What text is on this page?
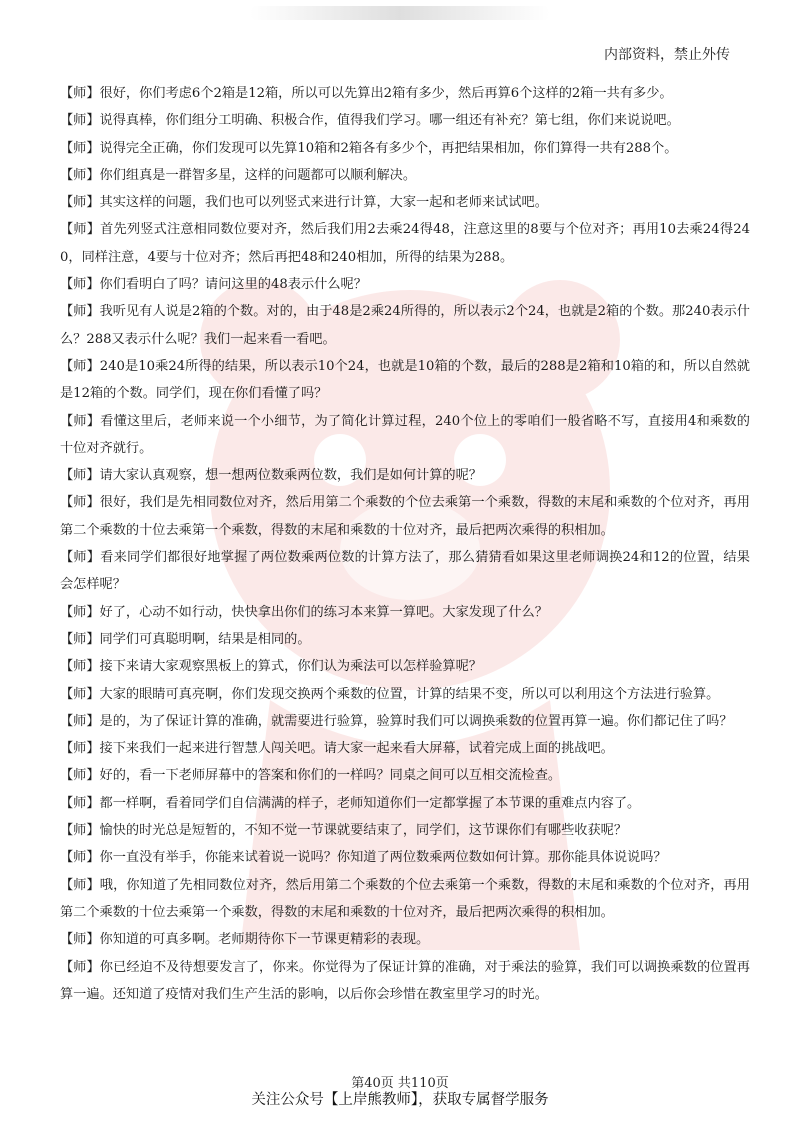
内部资料，禁止外传

【师】很好，你们考虑6个2箱是12箱，所以可以先算出2箱有多少，然后再算6个这样的2箱一共有多少。

【师】说得真棒，你们组分工明确、积极合作，值得我们学习。哪一组还有补充？第七组，你们来说说吧。

【师】说得完全正确，你们发现可以先算10箱和2箱各有多少个，再把结果相加，你们算得一共有288个。

【师】你们组真是一群智多星，这样的问题都可以顺利解决。

【师】其实这样的问题，我们也可以列竖式来进行计算，大家一起和老师来试试吧。

【师】首先列竖式注意相同数位要对齐，然后我们用2去乘24得48，注意这里的8要与个位对齐；再用10去乘24得240，同样注意，4要与十位对齐；然后再把48和240相加，所得的结果为288。

【师】你们看明白了吗？请问这里的48表示什么呢？

【师】我听见有人说是2箱的个数。对的，由于48是2乘24所得的，所以表示2个24，也就是2箱的个数。那240表示什么？288又表示什么呢？我们一起来看一看吧。

【师】240是10乘24所得的结果，所以表示10个24，也就是10箱的个数，最后的288是2箱和10箱的和，所以自然就是12箱的个数。同学们，现在你们看懂了吗？

【师】看懂这里后，老师来说一个小细节，为了简化计算过程，240个位上的零咱们一般省略不写，直接用4和乘数的十位对齐就行。

【师】请大家认真观察，想一想两位数乘两位数，我们是如何计算的呢？

【师】很好，我们是先相同数位对齐，然后用第二个乘数的个位去乘第一个乘数，得数的末尾和乘数的个位对齐，再用第二个乘数的十位去乘第一个乘数，得数的末尾和乘数的十位对齐，最后把两次乘得的积相加。

【师】看来同学们都很好地掌握了两位数乘两位数的计算方法了，那么猜猜看如果这里老师调换24和12的位置，结果会怎样呢？

【师】好了，心动不如行动，快快拿出你们的练习本来算一算吧。大家发现了什么？

【师】同学们可真聪明啊，结果是相同的。

【师】接下来请大家观察黑板上的算式，你们认为乘法可以怎样验算呢？

【师】大家的眼睛可真亮啊，你们发现交换两个乘数的位置，计算的结果不变，所以可以利用这个方法进行验算。

【师】是的，为了保证计算的准确，就需要进行验算，验算时我们可以调换乘数的位置再算一遍。你们都记住了吗？

【师】接下来我们一起来进行智慧人闯关吧。请大家一起来看大屏幕，试着完成上面的挑战吧。

【师】好的，看一下老师屏幕中的答案和你们的一样吗？同桌之间可以互相交流检查。

【师】都一样啊，看着同学们自信满满的样子，老师知道你们一定都掌握了本节课的重难点内容了。

【师】愉快的时光总是短暂的，不知不觉一节课就要结束了，同学们，这节课你们有哪些收获呢？

【师】你一直没有举手，你能来试着说一说吗？你知道了两位数乘两位数如何计算。那你能具体说说吗？

【师】哦，你知道了先相同数位对齐，然后用第二个乘数的个位去乘第一个乘数，得数的末尾和乘数的个位对齐，再用第二个乘数的十位去乘第一个乘数，得数的末尾和乘数的十位对齐，最后把两次乘得的积相加。

【师】你知道的可真多啊。老师期待你下一节课更精彩的表现。

【师】你已经迫不及待想要发言了，你来。你觉得为了保证计算的准确，对于乘法的验算，我们可以调换乘数的位置再算一遍。还知道了疫情对我们生产生活的影响，以后你会珍惜在教室里学习的时光。

第40页 共110页
关注公众号【上岸熊教师】，获取专属督学服务
